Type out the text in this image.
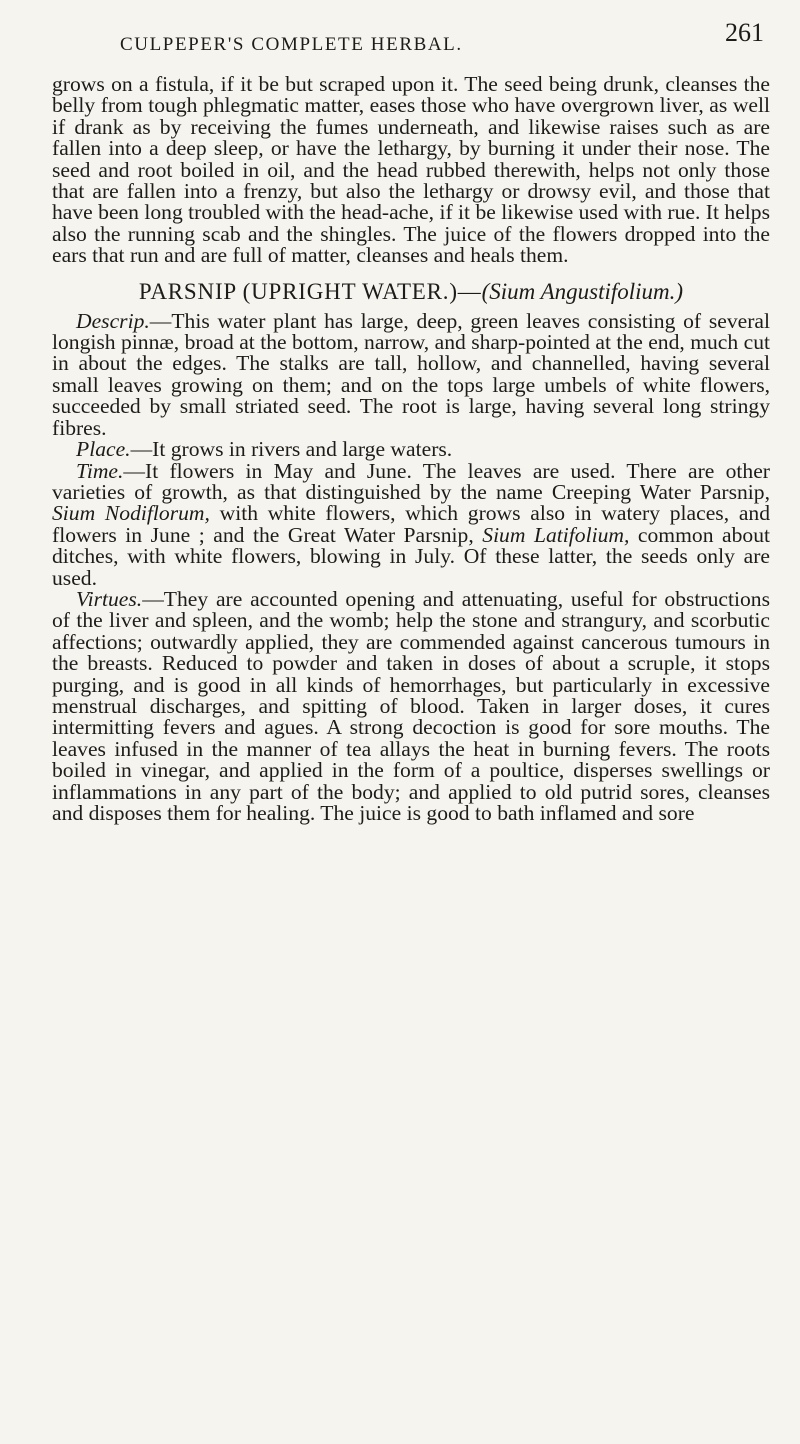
CULPEPER'S COMPLETE HERBAL.	261

grows on a fistula, if it be but scraped upon it. The seed being drunk, cleanses the belly from tough phlegmatic matter, eases those who have overgrown liver, as well if drank as by receiving the fumes underneath, and likewise raises such as are fallen into a deep sleep, or have the lethargy, by burning it under their nose. The seed and root boiled in oil, and the head rubbed therewith, helps not only those that are fallen into a frenzy, but also the lethargy or drowsy evil, and those that have been long troubled with the head-ache, if it be likewise used with rue. It helps also the running scab and the shingles. The juice of the flowers dropped into the ears that run and are full of matter, cleanses and heals them.

PARSNIP (UPRIGHT WATER.)—(Sium Angustifolium.)

Descrip.—This water plant has large, deep, green leaves consisting of several longish pinnæ, broad at the bottom, narrow, and sharp-pointed at the end, much cut in about the edges. The stalks are tall, hollow, and channelled, having several small leaves growing on them; and on the tops large umbels of white flowers, succeeded by small striated seed. The root is large, having several long stringy fibres.

Place.—It grows in rivers and large waters.

Time.—It flowers in May and June. The leaves are used. There are other varieties of growth, as that distinguished by the name Creeping Water Parsnip, Sium Nodiflorum, with white flowers, which grows also in watery places, and flowers in June ; and the Great Water Parsnip, Sium Latifolium, common about ditches, with white flowers, blowing in July. Of these latter, the seeds only are used.

Virtues.—They are accounted opening and attenuating, useful for obstructions of the liver and spleen, and the womb; help the stone and strangury, and scorbutic affections; outwardly applied, they are commended against cancerous tumours in the breasts. Reduced to powder and taken in doses of about a scruple, it stops purging, and is good in all kinds of hemorrhages, but particularly in excessive menstrual discharges, and spitting of blood. Taken in larger doses, it cures intermitting fevers and agues. A strong decoction is good for sore mouths. The leaves infused in the manner of tea allays the heat in burning fevers. The roots boiled in vinegar, and applied in the form of a poultice, disperses swellings or inflammations in any part of the body; and applied to old putrid sores, cleanses and disposes them for healing. The juice is good to bath inflamed and sore
